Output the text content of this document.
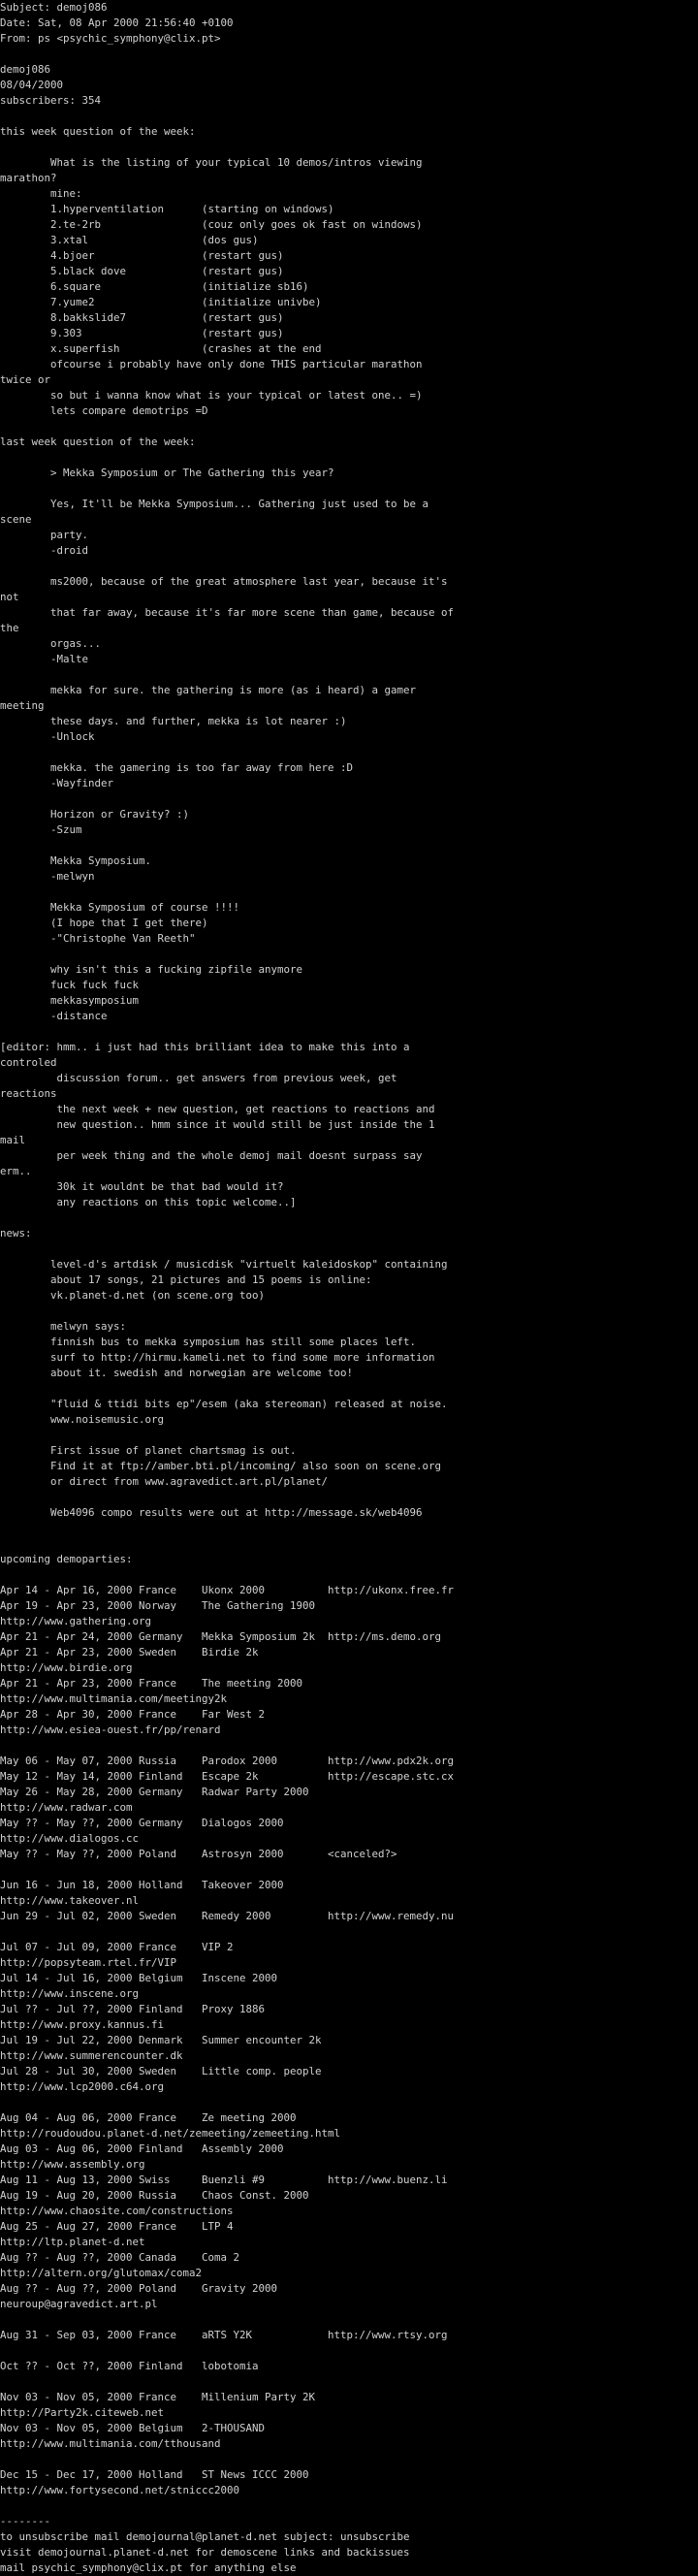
Subject: demoj086
Date: Sat, 08 Apr 2000 21:56:40 +0100
From: ps <psychic_symphony@clix.pt>
demoj086
08/04/2000
subscribers: 354
this week question of the week:
What is the listing of your typical 10 demos/intros viewing
marathon?
mine:
1.hyperventilation      (starting on windows)
2.te-2rb                (couz only goes ok fast on windows)
3.xtal                  (dos gus)
4.bjoer                 (restart gus)
5.black dove            (restart gus)
6.square                (initialize sb16)
7.yume2                 (initialize univbe)
8.bakkslide7            (restart gus)
9.303                   (restart gus)
x.superfish             (crashes at the end
ofcourse i probably have only done THIS particular marathon
twice or
so but i wanna know what is your typical or latest one.. =)
lets compare demotrips =D
last week question of the week:
> Mekka Symposium or The Gathering this year?
Yes, It'll be Mekka Symposium... Gathering just used to be a
scene
party.
-droid
ms2000, because of the great atmosphere last year, because it's
not
that far away, because it's far more scene than game, because of
the
orgas...
-Malte
mekka for sure. the gathering is more (as i heard) a gamer
meeting
these days. and further, mekka is lot nearer :)
-Unlock
mekka. the gamering is too far away from here :D
-Wayfinder
Horizon or Gravity? :)
-Szum
Mekka Symposium.
-melwyn
Mekka Symposium of course !!!!
(I hope that I get there)
-"Christophe Van Reeth"
why isn't this a fucking zipfile anymore
fuck fuck fuck
mekkasymposium
-distance
[editor: hmm.. i just had this brilliant idea to make this into a
controled
discussion forum.. get answers from previous week, get
reactions
the next week + new question, get reactions to reactions and
new question.. hmm since it would still be just inside the 1
mail
per week thing and the whole demoj mail doesnt surpass say
erm..
30k it wouldnt be that bad would it?
any reactions on this topic welcome..]
news:
level-d's artdisk / musicdisk "virtuelt kaleidoskop" containing
about 17 songs, 21 pictures and 15 poems is online:
vk.planet-d.net (on scene.org too)
melwyn says:
finnish bus to mekka symposium has still some places left.
surf to http://hirmu.kameli.net to find some more information
about it. swedish and norwegian are welcome too!
"fluid & ttidi bits ep"/esem (aka stereoman) released at noise.
www.noisemusic.org
First issue of planet chartsmag is out.
Find it at ftp://amber.bti.pl/incoming/ also soon on scene.org
or direct from www.agravedict.art.pl/planet/
Web4096 compo results were out at http://message.sk/web4096
upcoming demoparties:
Apr 14 - Apr 16, 2000 France    Ukonx 2000          http://ukonx.free.fr
Apr 19 - Apr 23, 2000 Norway    The Gathering 1900
http://www.gathering.org
Apr 21 - Apr 24, 2000 Germany   Mekka Symposium 2k  http://ms.demo.org
Apr 21 - Apr 23, 2000 Sweden    Birdie 2k
http://www.birdie.org
Apr 21 - Apr 23, 2000 France    The meeting 2000
http://www.multimania.com/meetingy2k
Apr 28 - Apr 30, 2000 France    Far West 2
http://www.esiea-ouest.fr/pp/renard
May 06 - May 07, 2000 Russia    Parodox 2000        http://www.pdx2k.org
May 12 - May 14, 2000 Finland   Escape 2k           http://escape.stc.cx
May 26 - May 28, 2000 Germany   Radwar Party 2000
http://www.radwar.com
May ?? - May ??, 2000 Germany   Dialogos 2000
http://www.dialogos.cc
May ?? - May ??, 2000 Poland    Astrosyn 2000       <canceled?>
Jun 16 - Jun 18, 2000 Holland   Takeover 2000
http://www.takeover.nl
Jun 29 - Jul 02, 2000 Sweden    Remedy 2000         http://www.remedy.nu
Jul 07 - Jul 09, 2000 France    VIP 2
http://popsyteam.rtel.fr/VIP
Jul 14 - Jul 16, 2000 Belgium   Inscene 2000
http://www.inscene.org
Jul ?? - Jul ??, 2000 Finland   Proxy 1886
http://www.proxy.kannus.fi
Jul 19 - Jul 22, 2000 Denmark   Summer encounter 2k
http://www.summerencounter.dk
Jul 28 - Jul 30, 2000 Sweden    Little comp. people
http://www.lcp2000.c64.org
Aug 04 - Aug 06, 2000 France    Ze meeting 2000
http://roudoudou.planet-d.net/zemeeting/zemeeting.html
Aug 03 - Aug 06, 2000 Finland   Assembly 2000
http://www.assembly.org
Aug 11 - Aug 13, 2000 Swiss     Buenzli #9          http://www.buenz.li
Aug 19 - Aug 20, 2000 Russia    Chaos Const. 2000
http://www.chaosite.com/constructions
Aug 25 - Aug 27, 2000 France    LTP 4
http://ltp.planet-d.net
Aug ?? - Aug ??, 2000 Canada    Coma 2
http://altern.org/glutomax/coma2
Aug ?? - Aug ??, 2000 Poland    Gravity 2000
neuroup@agravedict.art.pl
Aug 31 - Sep 03, 2000 France    aRTS Y2K            http://www.rtsy.org
Oct ?? - Oct ??, 2000 Finland   lobotomia
Nov 03 - Nov 05, 2000 France    Millenium Party 2K
http://Party2k.citeweb.net
Nov 03 - Nov 05, 2000 Belgium   2-THOUSAND
http://www.multimania.com/tthousand
Dec 15 - Dec 17, 2000 Holland   ST News ICCC 2000
http://www.fortysecond.net/stniccc2000
--------
to unsubscribe mail demojournal@planet-d.net subject: unsubscribe
visit demojournal.planet-d.net for demoscene links and backissues
mail psychic_symphony@clix.pt for anything else
